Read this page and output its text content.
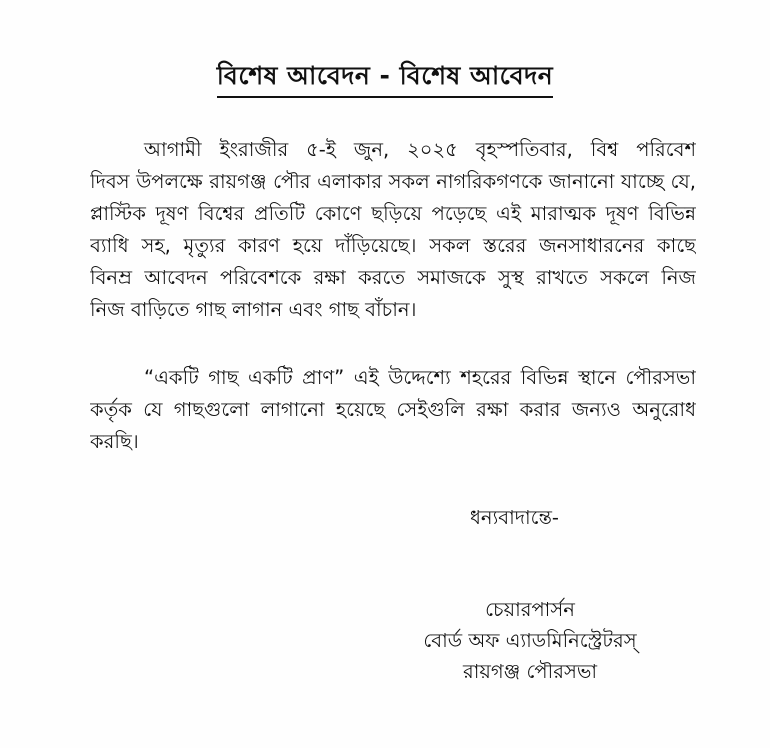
বিশেষ আবেদন - বিশেষ আবেদন
আগামী ইংরাজীর ৫-ই জুন, ২০২৫ বৃহস্পতিবার, বিশ্ব পরিবেশ
দিবস উপলক্ষে রায়গঞ্জ পৌর এলাকার সকল নাগরিকগণকে জানানো যাচ্ছে যে,
প্লাস্টিক দূষণ বিশ্বের প্রতিটি কোণে ছড়িয়ে পড়েছে এই মারাত্মক দূষণ বিভিন্ন
ব্যাধি সহ, মৃত্যুর কারণ হয়ে দাঁড়িয়েছে। সকল স্তরের জনসাধারনের কাছে
বিনম্র আবেদন পরিবেশকে রক্ষা করতে সমাজকে সুস্থ রাখতে সকলে নিজ
নিজ বাড়িতে গাছ লাগান এবং গাছ বাঁচান।
“একটি গাছ একটি প্রাণ” এই উদ্দেশ্যে শহরের বিভিন্ন স্থানে পৌরসভা
কর্তৃক যে গাছগুলো লাগানো হয়েছে সেইগুলি রক্ষা করার জন্যও অনুরোধ
করছি।
ধন্যবাদান্তে-
চেয়ারপার্সন
বোর্ড অফ এ্যাডমিনিস্ট্রেটরস্
রায়গঞ্জ পৌরসভা
